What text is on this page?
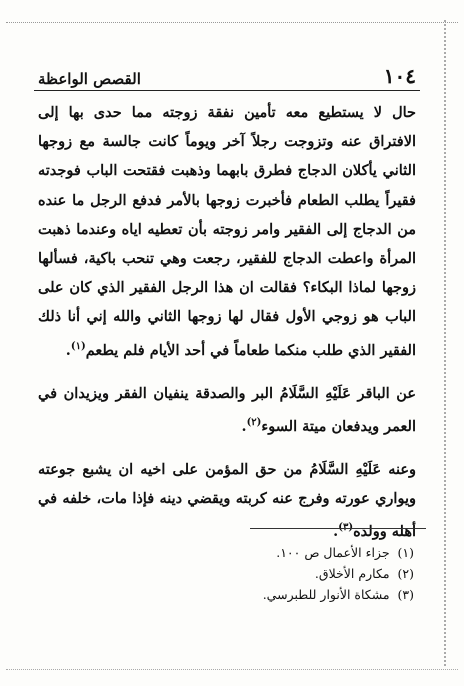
١٠٤
القصص الواعظة

حال لا يستطيع معه تأمين نفقة زوجته مما حدى بها إلى الافتراق عنه وتزوجت رجلاً آخر ويوماً كانت جالسة مع زوجها الثاني يأكلان الدجاج فطرق بابهما وذهبت فقتحت الباب فوجدته فقيراً يطلب الطعام فأخبرت زوجها بالأمر فدفع الرجل ما عنده من الدجاج إلى الفقير وامر زوجته بأن تعطيه اياه وعندما ذهبت المرأة واعطت الدجاج للفقير، رجعت وهي تنحب باكية، فسألها زوجها لماذا البكاء؟ فقالت ان هذا الرجل الفقير الذي كان على الباب هو زوجي الأول فقال لها زوجها الثاني والله إني أنا ذلك الفقير الذي طلب منكما طعاماً في أحد الأيام فلم يطعم$^{(١)}$.

عن الباقر عَلَيْهِ السَّلَامُ البر والصدقة ينفيان الفقر ويزيدان في العمر ويدفعان ميتة السوء$^{(٢)}$.

وعنه عَلَيْهِ السَّلَامُ من حق المؤمن على اخيه ان يشبع جوعته ويواري عورته وفرج عنه كربته ويقضي دينه فإذا مات، خلفه في أهله وولده$^{(٣)}$.

(١)  جزاء الأعمال ص ١٠٠.
(٢)  مكارم الأخلاق.
(٣)  مشكاة الأنوار للطبرسي.
